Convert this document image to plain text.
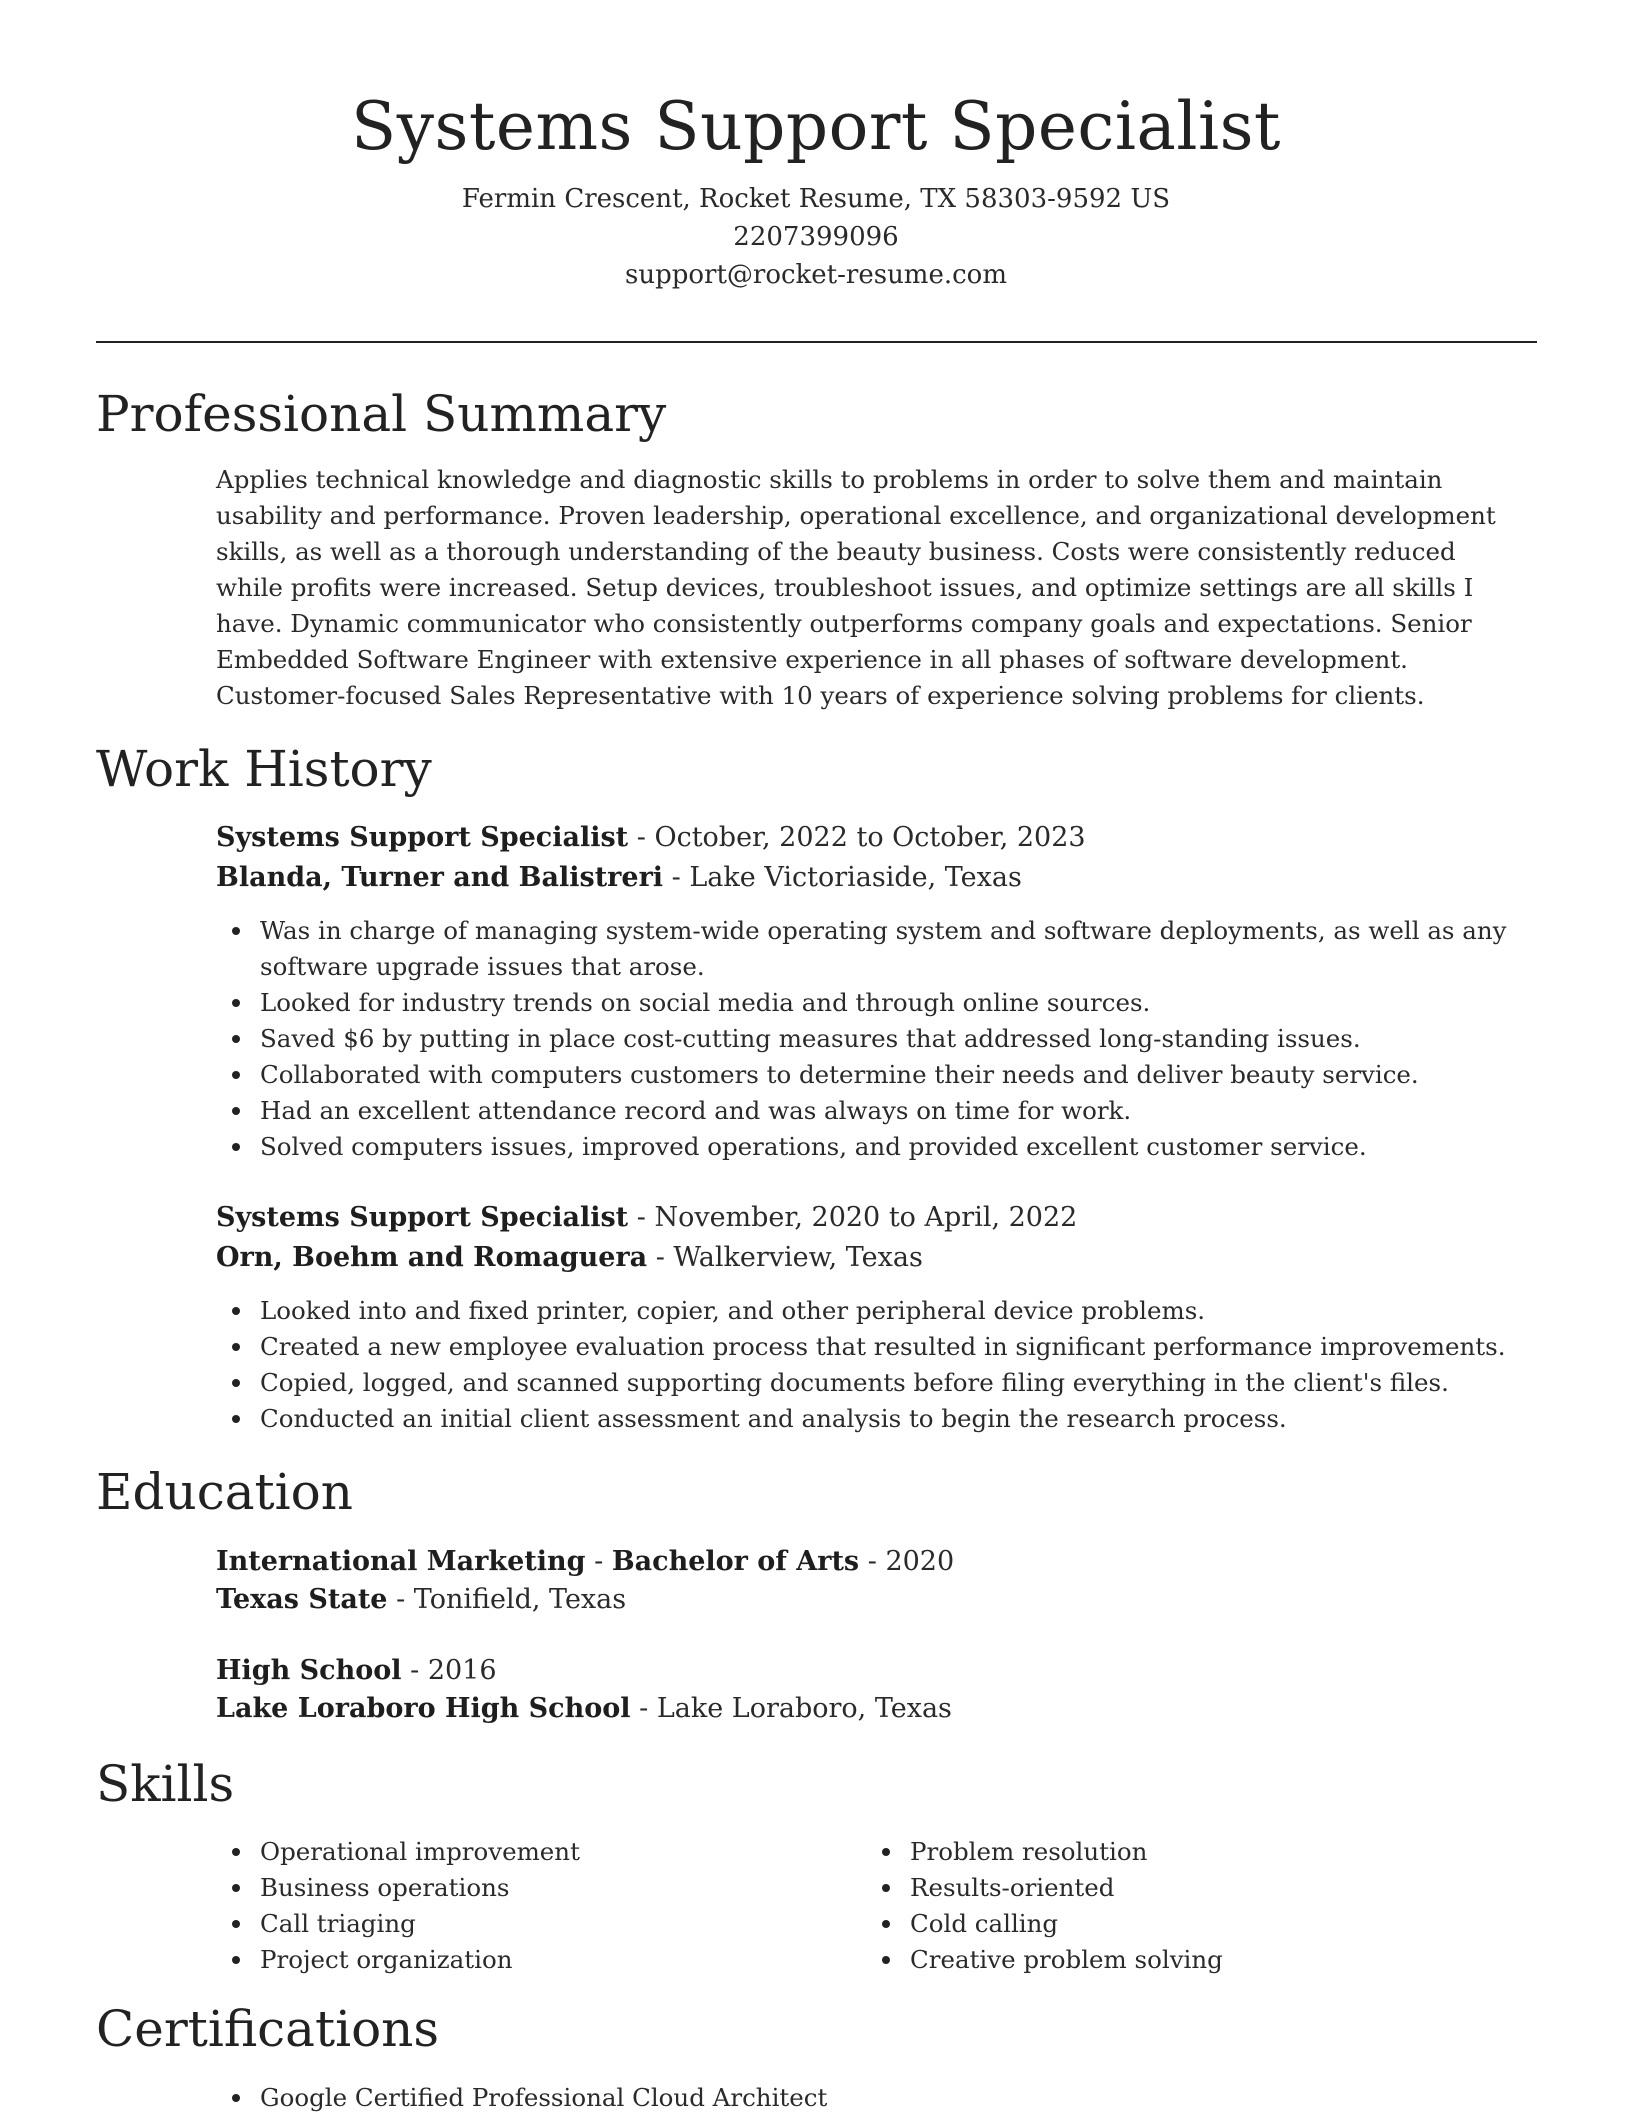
Systems Support Specialist
Fermin Crescent, Rocket Resume, TX 58303-9592 US
2207399096
support@rocket-resume.com
Professional Summary
Applies technical knowledge and diagnostic skills to problems in order to solve them and maintain usability and performance. Proven leadership, operational excellence, and organizational development skills, as well as a thorough understanding of the beauty business. Costs were consistently reduced while profits were increased. Setup devices, troubleshoot issues, and optimize settings are all skills I have. Dynamic communicator who consistently outperforms company goals and expectations. Senior Embedded Software Engineer with extensive experience in all phases of software development. Customer-focused Sales Representative with 10 years of experience solving problems for clients.
Work History
Systems Support Specialist - October, 2022 to October, 2023
Blanda, Turner and Balistreri - Lake Victoriaside, Texas
Was in charge of managing system-wide operating system and software deployments, as well as any software upgrade issues that arose.
Looked for industry trends on social media and through online sources.
Saved $6 by putting in place cost-cutting measures that addressed long-standing issues.
Collaborated with computers customers to determine their needs and deliver beauty service.
Had an excellent attendance record and was always on time for work.
Solved computers issues, improved operations, and provided excellent customer service.
Systems Support Specialist - November, 2020 to April, 2022
Orn, Boehm and Romaguera - Walkerview, Texas
Looked into and fixed printer, copier, and other peripheral device problems.
Created a new employee evaluation process that resulted in significant performance improvements.
Copied, logged, and scanned supporting documents before filing everything in the client's files.
Conducted an initial client assessment and analysis to begin the research process.
Education
International Marketing - Bachelor of Arts - 2020
Texas State - Tonifield, Texas
High School - 2016
Lake Loraboro High School - Lake Loraboro, Texas
Skills
Operational improvement
Business operations
Call triaging
Project organization
Problem resolution
Results-oriented
Cold calling
Creative problem solving
Certifications
Google Certified Professional Cloud Architect
